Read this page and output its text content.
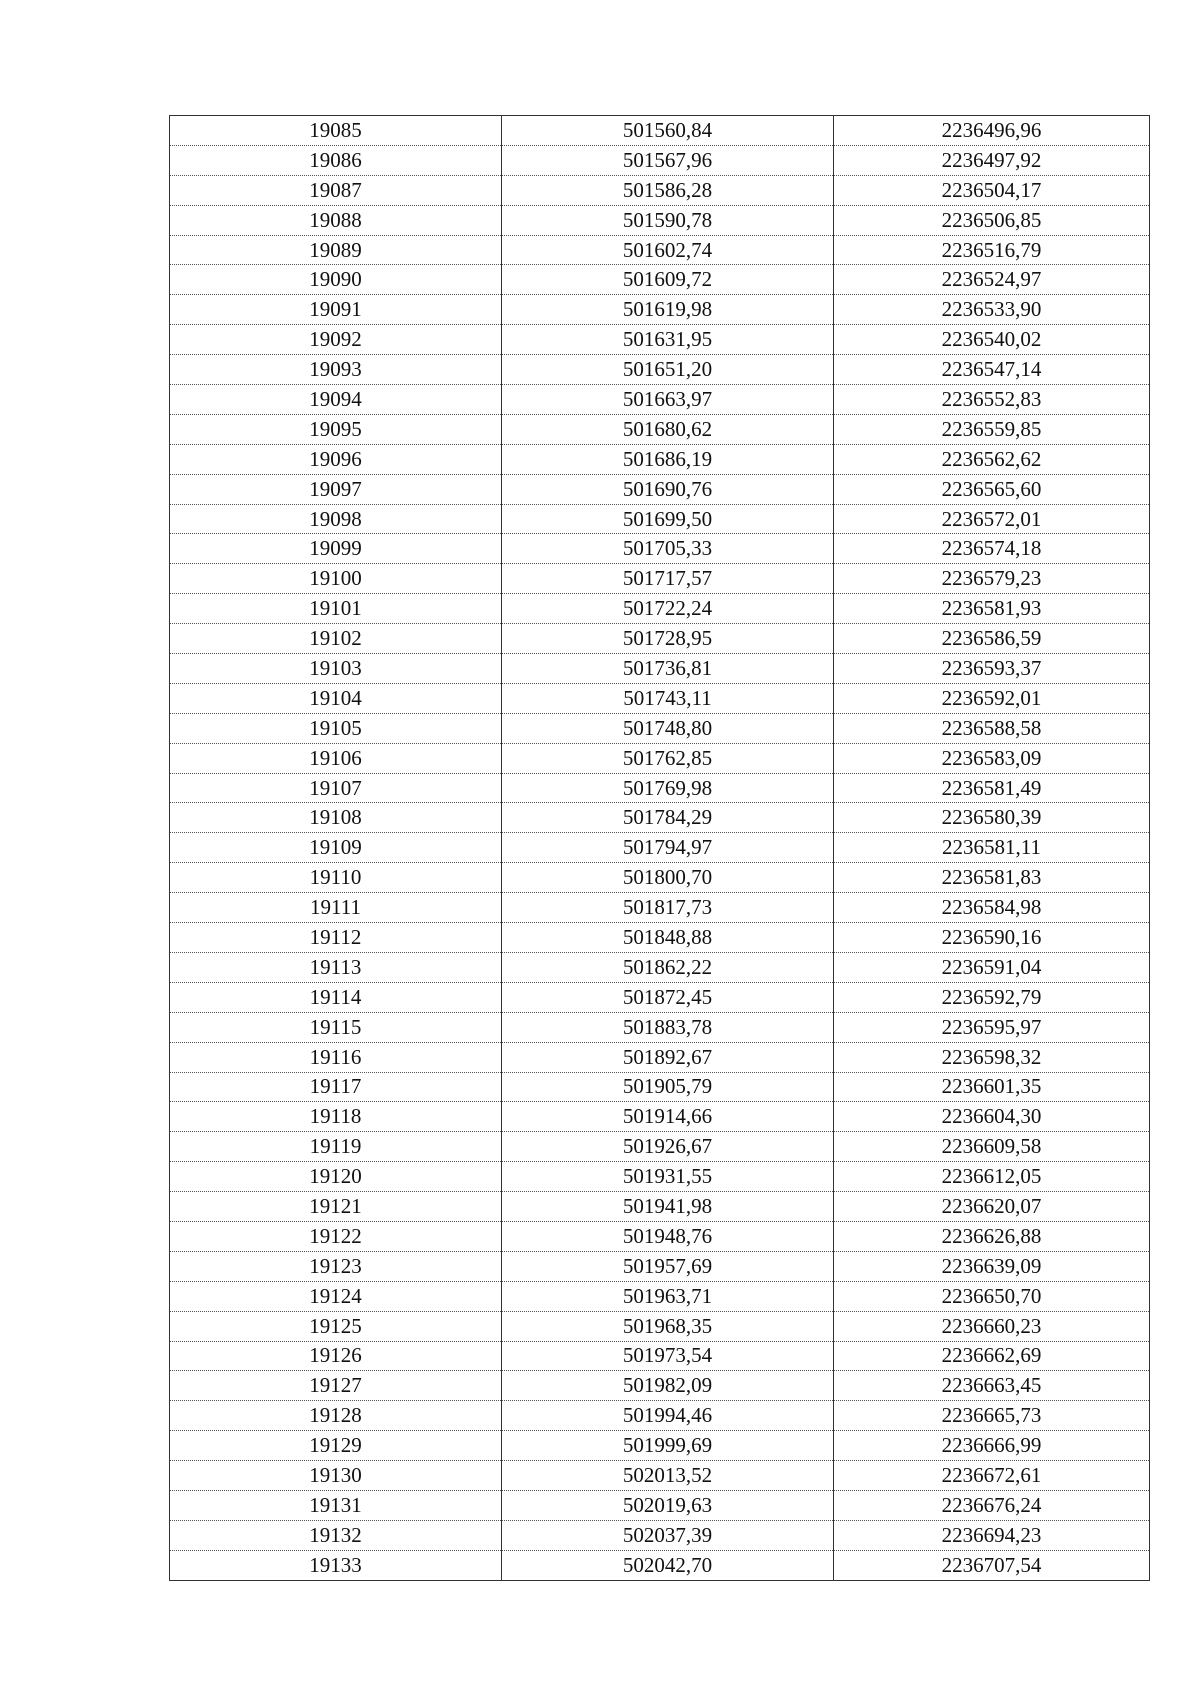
19085	501560,84	2236496,96
19086	501567,96	2236497,92
19087	501586,28	2236504,17
19088	501590,78	2236506,85
19089	501602,74	2236516,79
19090	501609,72	2236524,97
19091	501619,98	2236533,90
19092	501631,95	2236540,02
19093	501651,20	2236547,14
19094	501663,97	2236552,83
19095	501680,62	2236559,85
19096	501686,19	2236562,62
19097	501690,76	2236565,60
19098	501699,50	2236572,01
19099	501705,33	2236574,18
19100	501717,57	2236579,23
19101	501722,24	2236581,93
19102	501728,95	2236586,59
19103	501736,81	2236593,37
19104	501743,11	2236592,01
19105	501748,80	2236588,58
19106	501762,85	2236583,09
19107	501769,98	2236581,49
19108	501784,29	2236580,39
19109	501794,97	2236581,11
19110	501800,70	2236581,83
19111	501817,73	2236584,98
19112	501848,88	2236590,16
19113	501862,22	2236591,04
19114	501872,45	2236592,79
19115	501883,78	2236595,97
19116	501892,67	2236598,32
19117	501905,79	2236601,35
19118	501914,66	2236604,30
19119	501926,67	2236609,58
19120	501931,55	2236612,05
19121	501941,98	2236620,07
19122	501948,76	2236626,88
19123	501957,69	2236639,09
19124	501963,71	2236650,70
19125	501968,35	2236660,23
19126	501973,54	2236662,69
19127	501982,09	2236663,45
19128	501994,46	2236665,73
19129	501999,69	2236666,99
19130	502013,52	2236672,61
19131	502019,63	2236676,24
19132	502037,39	2236694,23
19133	502042,70	2236707,54
